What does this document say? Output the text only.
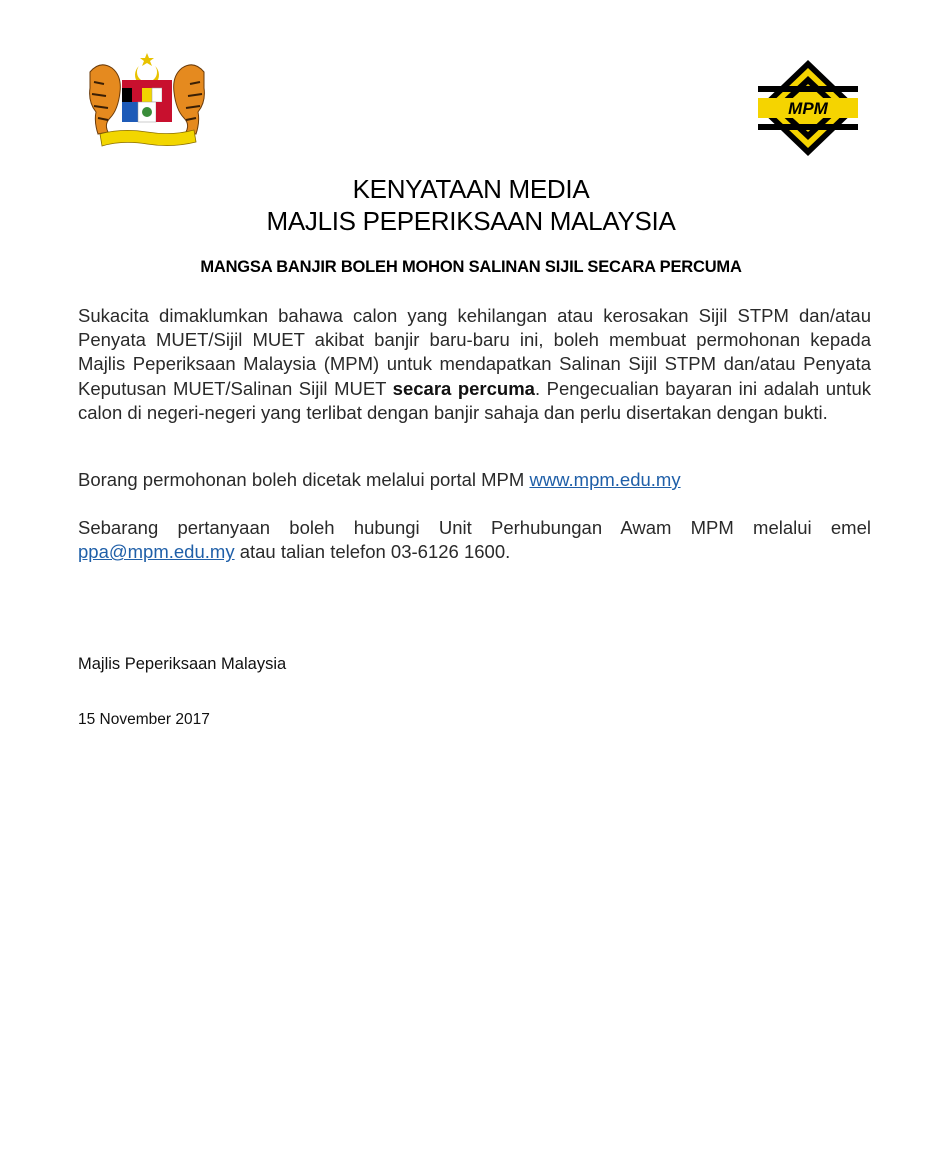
MPM
KENYATAAN MEDIA
MAJLIS PEPERIKSAAN MALAYSIA
MANGSA BANJIR BOLEH MOHON SALINAN SIJIL SECARA PERCUMA
Sukacita dimaklumkan bahawa calon yang kehilangan atau kerosakan Sijil STPM dan/atau Penyata MUET/Sijil MUET akibat banjir baru-baru ini, boleh membuat permohonan kepada Majlis Peperiksaan Malaysia (MPM) untuk mendapatkan Salinan Sijil STPM dan/atau Penyata Keputusan MUET/Salinan Sijil MUET secara percuma. Pengecualian bayaran ini adalah untuk calon di negeri-negeri yang terlibat dengan banjir sahaja dan perlu disertakan dengan bukti.
Borang permohonan boleh dicetak melalui portal MPM www.mpm.edu.my
Sebarang pertanyaan boleh hubungi Unit Perhubungan Awam MPM melalui emel ppa@mpm.edu.my atau talian telefon 03-6126 1600.
Majlis Peperiksaan Malaysia
15 November 2017
